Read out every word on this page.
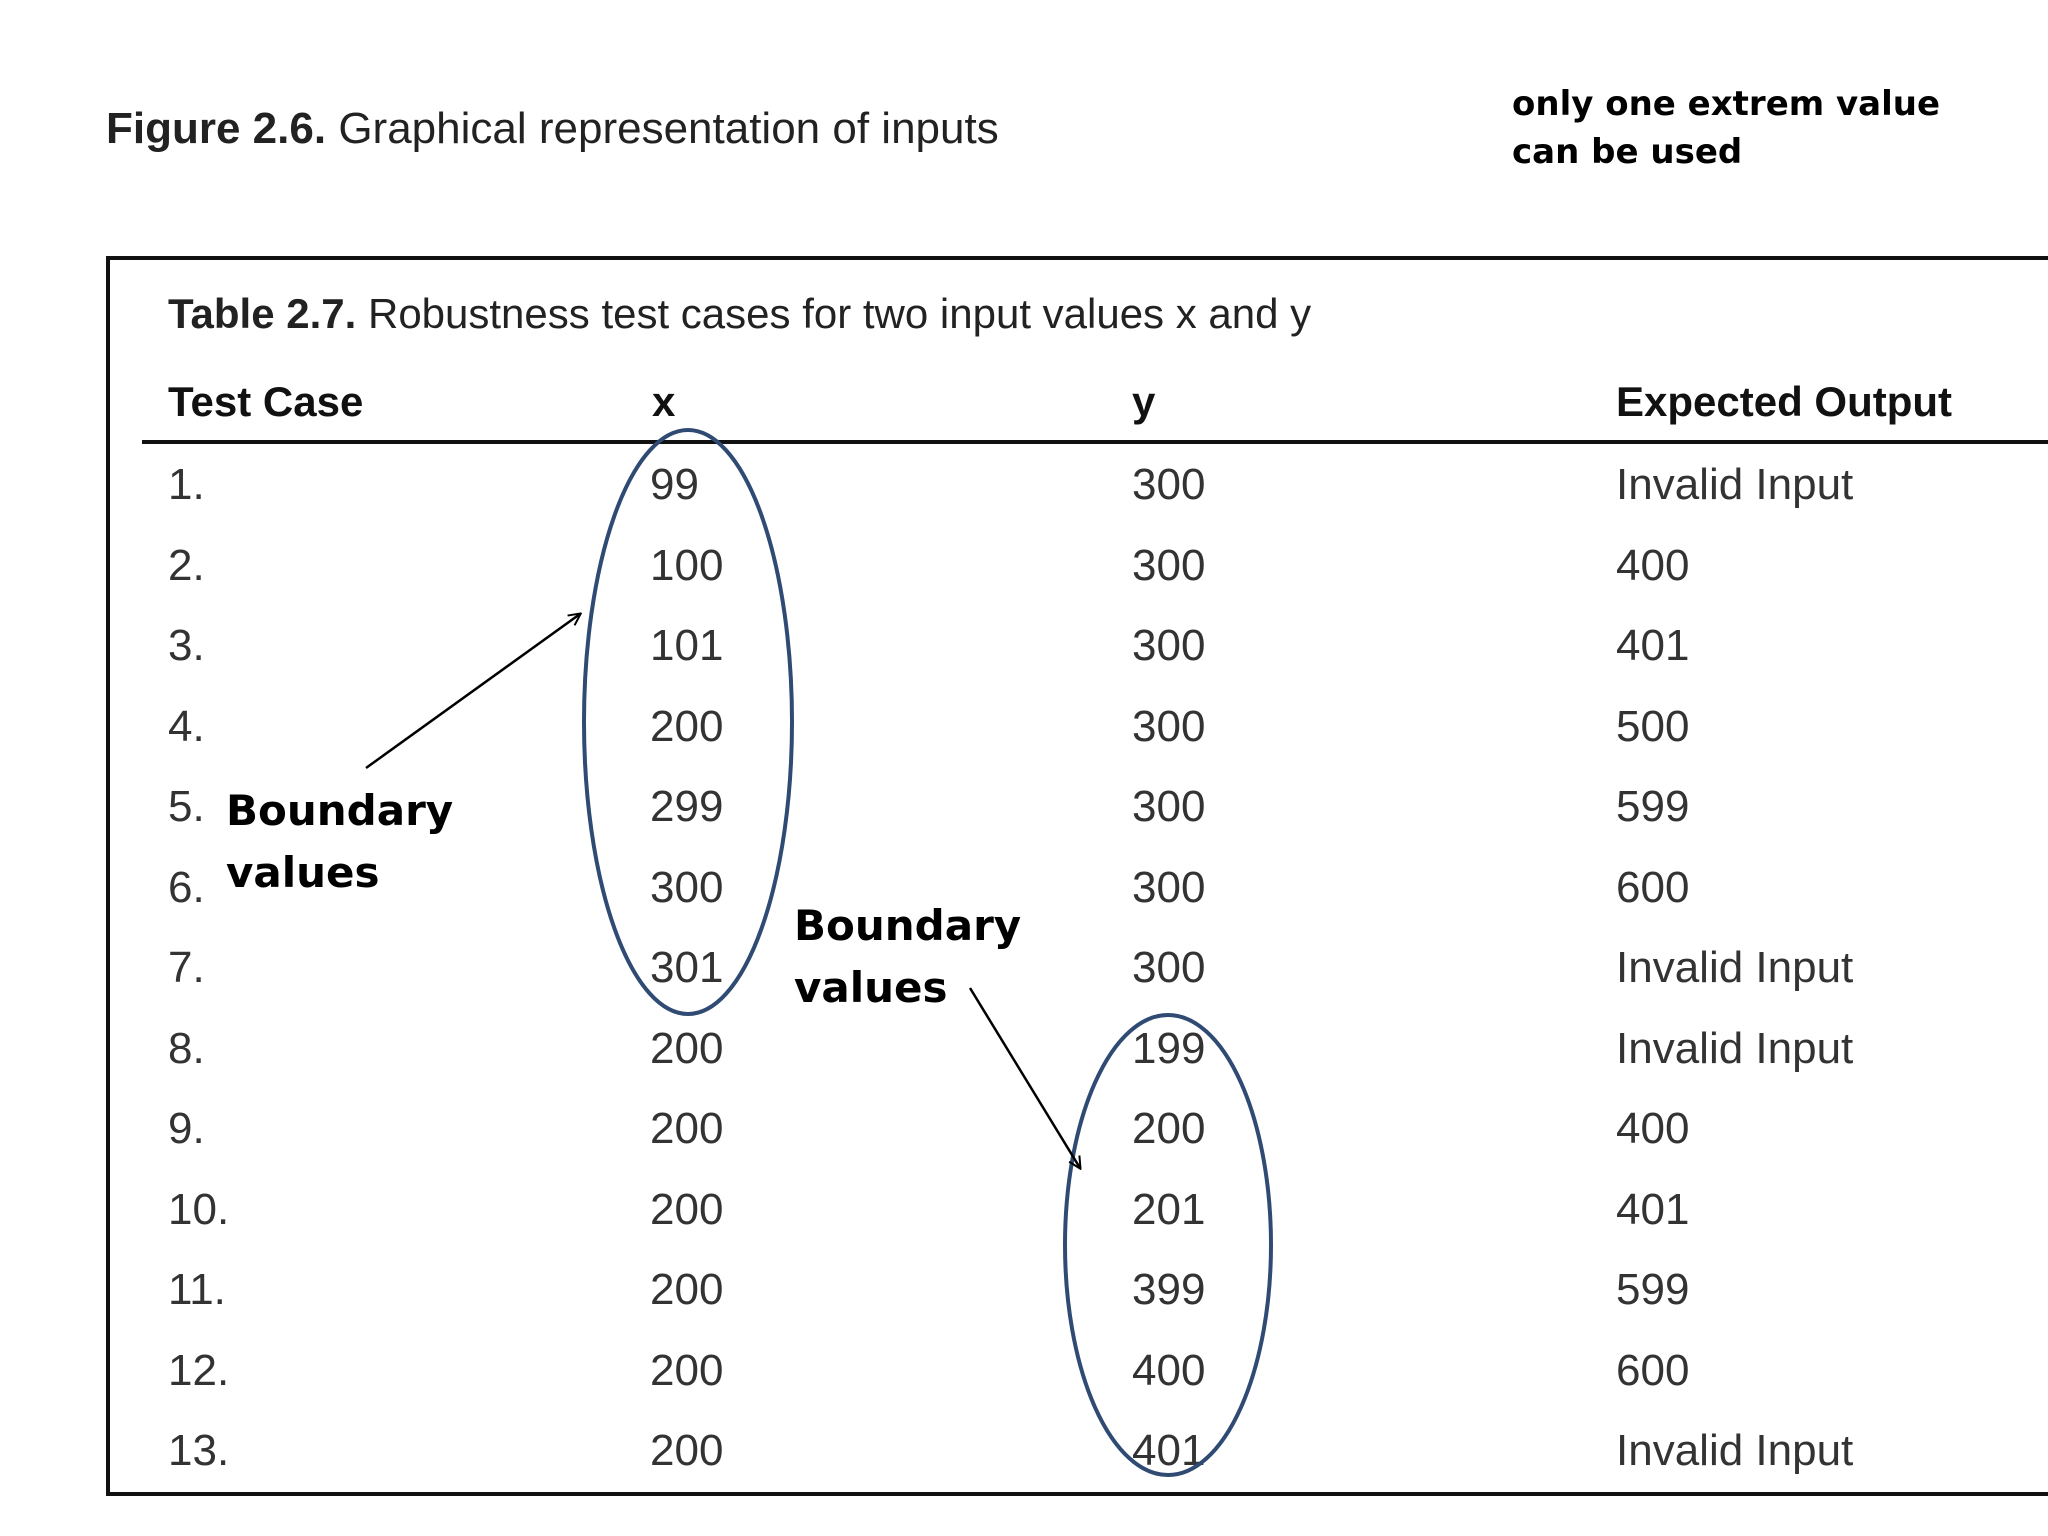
Figure 2.6. Graphical representation of inputs	only one extrem value
can be used
Table 2.7. Robustness test cases for two input values x and y
Test Case	x	y	Expected Output
1.	99	300	Invalid Input
2.	100	300	400
3.	101	300	401
4.	200	300	500
5.	299	300	599
6.	300	300	600
7.	301	300	Invalid Input
8.	200	199	Invalid Input
9.	200	200	400
10.	200	201	401
11.	200	399	599
12.	200	400	600
13.	200	401	Invalid Input
Boundary
values
Boundary
values
